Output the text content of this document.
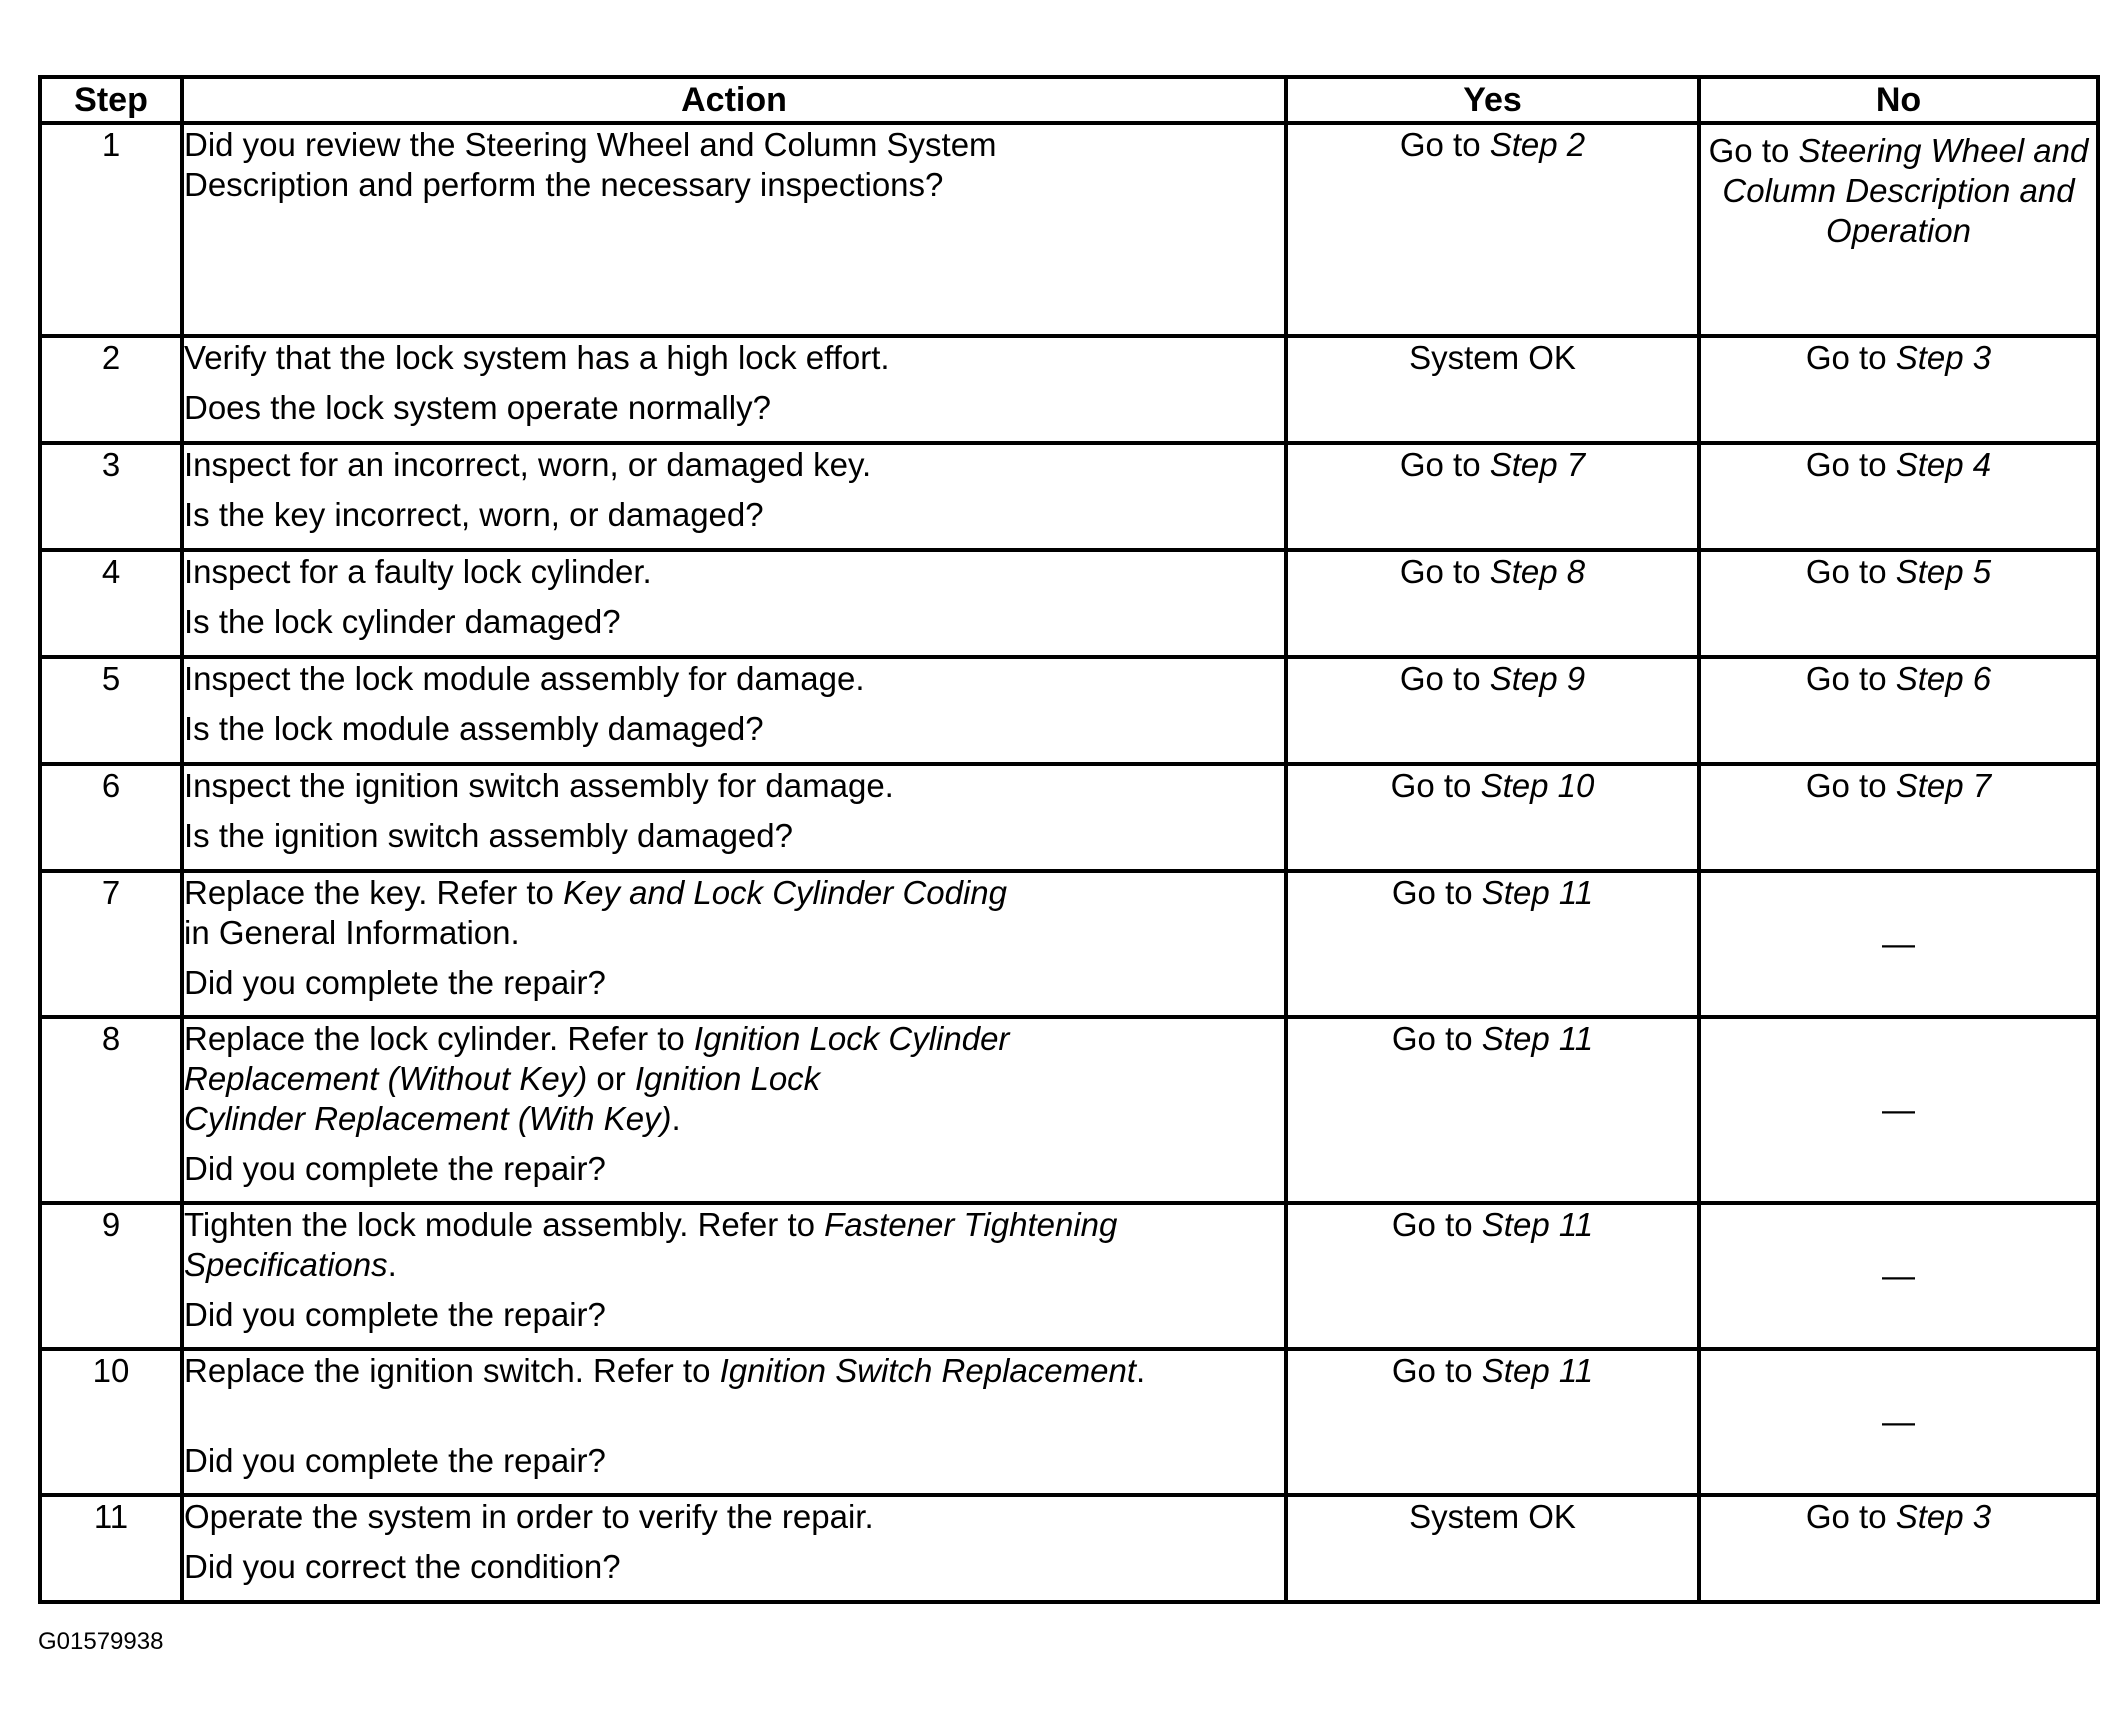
Step	Action	Yes	No
1	Did you review the Steering Wheel and Column System
Description and perform the necessary inspections?	Go to Step 2	Go to Steering Wheel and Column Description and Operation
2	Verify that the lock system has a high lock effort.
Does the lock system operate normally?	System OK	Go to Step 3
3	Inspect for an incorrect, worn, or damaged key.
Is the key incorrect, worn, or damaged?	Go to Step 7	Go to Step 4
4	Inspect for a faulty lock cylinder.
Is the lock cylinder damaged?	Go to Step 8	Go to Step 5
5	Inspect the lock module assembly for damage.
Is the lock module assembly damaged?	Go to Step 9	Go to Step 6
6	Inspect the ignition switch assembly for damage.
Is the ignition switch assembly damaged?	Go to Step 10	Go to Step 7
7	Replace the key. Refer to Key and Lock Cylinder Coding
in General Information.
Did you complete the repair?	Go to Step 11	—
8	Replace the lock cylinder. Refer to Ignition Lock Cylinder
Replacement (Without Key) or Ignition Lock
Cylinder Replacement (With Key).
Did you complete the repair?	Go to Step 11	—
9	Tighten the lock module assembly. Refer to Fastener Tightening
Specifications.
Did you complete the repair?	Go to Step 11	—
10	Replace the ignition switch. Refer to Ignition Switch Replacement.

Did you complete the repair?	Go to Step 11	—
11	Operate the system in order to verify the repair.
Did you correct the condition?	System OK	Go to Step 3
G01579938
